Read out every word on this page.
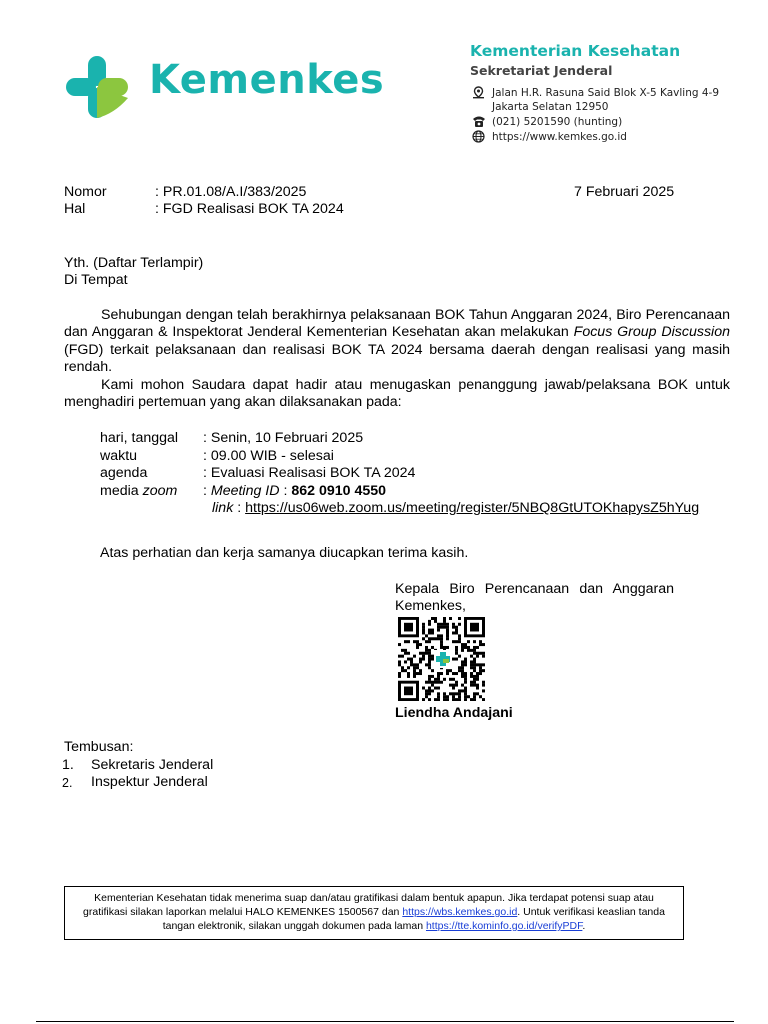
Kemenkes
Kementerian Kesehatan
Sekretariat Jenderal
Jalan H.R. Rasuna Said Blok X-5 Kavling 4-9
Jakarta Selatan 12950
(021) 5201590 (hunting)
https://www.kemkes.go.id
Nomor	: PR.01.08/A.I/383/2025	7 Februari 2025
Hal	: FGD Realisasi BOK TA 2024
Yth. (Daftar Terlampir)
Di Tempat
Sehubungan dengan telah berakhirnya pelaksanaan BOK Tahun Anggaran 2024, Biro Perencanaan dan Anggaran & Inspektorat Jenderal Kementerian Kesehatan akan melakukan Focus Group Discussion (FGD) terkait pelaksanaan dan realisasi BOK TA 2024 bersama daerah dengan realisasi yang masih rendah.
Kami mohon Saudara dapat hadir atau menugaskan penanggung jawab/pelaksana BOK untuk menghadiri pertemuan yang akan dilaksanakan pada:
hari, tanggal : Senin, 10 Februari 2025
waktu	: 09.00 WIB - selesai
agenda	: Evaluasi Realisasi BOK TA 2024
media zoom : Meeting ID : 862 0910 4550
link : https://us06web.zoom.us/meeting/register/5NBQ8GtUTOKhapysZ5hYug
Atas perhatian dan kerja samanya diucapkan terima kasih.
Kepala Biro Perencanaan dan Anggaran
Kemenkes,
Liendha Andajani
Tembusan:
1. Sekretaris Jenderal
2. Inspektur Jenderal
Kementerian Kesehatan tidak menerima suap dan/atau gratifikasi dalam bentuk apapun. Jika terdapat potensi suap atau gratifikasi silakan laporkan melalui HALO KEMENKES 1500567 dan https://wbs.kemkes.go.id. Untuk verifikasi keaslian tanda tangan elektronik, silakan unggah dokumen pada laman https://tte.kominfo.go.id/verifyPDF.
